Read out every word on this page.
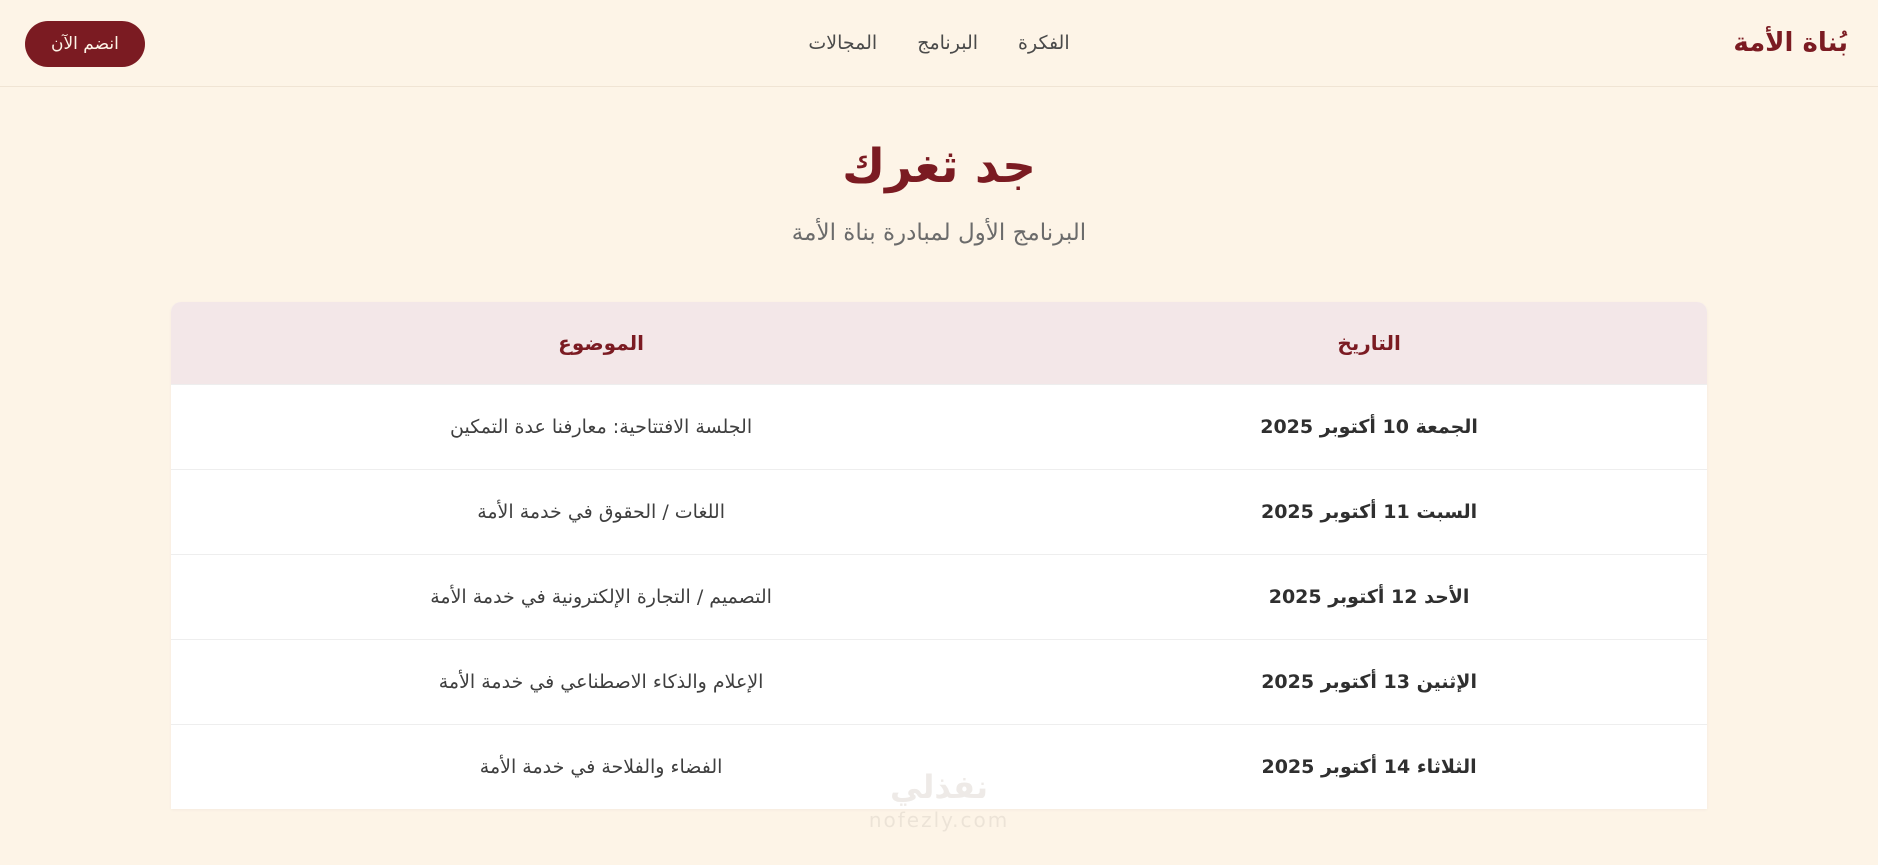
بُناة الأمة
الفكرة
البرنامج
المجالات
انضم الآن
جد ثغرك

البرنامج الأول لمبادرة بناة الأمة

التاريخ	الموضوع
الجمعة 10 أكتوبر 2025	الجلسة الافتتاحية: معارفنا عدة التمكين
السبت 11 أكتوبر 2025	اللغات / الحقوق في خدمة الأمة
الأحد 12 أكتوبر 2025	التصميم / التجارة الإلكترونية في خدمة الأمة
الإثنين 13 أكتوبر 2025	الإعلام والذكاء الاصطناعي في خدمة الأمة
الثلاثاء 14 أكتوبر 2025	الفضاء والفلاحة في خدمة الأمة
نفذلي
nofezly.com
